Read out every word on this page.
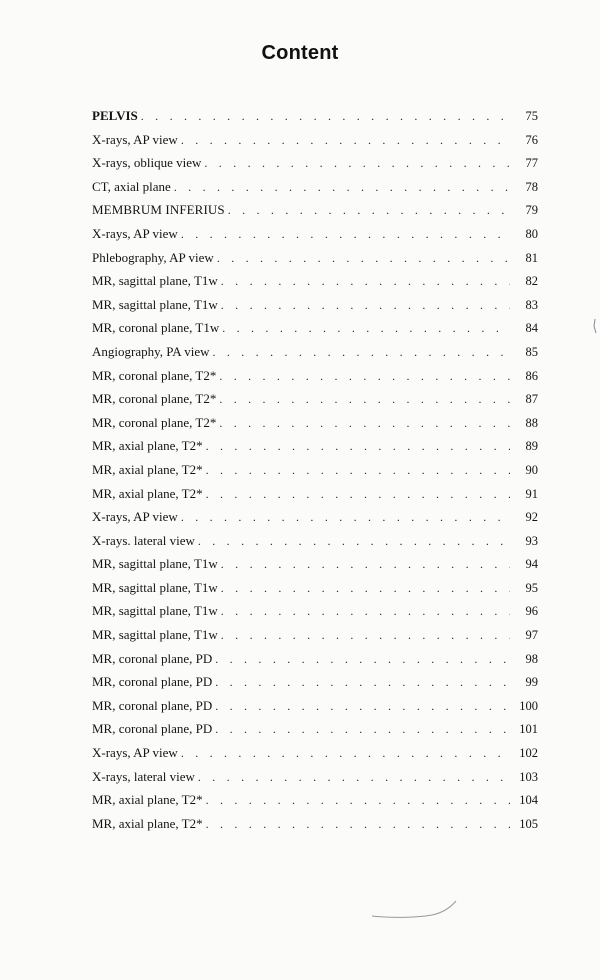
Content
PELVIS . . .	75
X-rays, AP view . . .	76
X-rays, oblique view . . .	77
CT, axial plane . . .	78
MEMBRUM INFERIUS . . .	79
X-rays, AP view . . .	80
Phlebography, AP view . . .	81
MR, sagittal plane, T1w . . .	82
MR, sagittal plane, T1w . . .	83
MR, coronal plane, T1w . . .	84
Angiography, PA view . . .	85
MR, coronal plane, T2* . . .	86
MR, coronal plane, T2* . . .	87
MR, coronal plane, T2* . . .	88
MR, axial plane, T2* . . .	89
MR, axial plane, T2* . . .	90
MR, axial plane, T2* . . .	91
X-rays, AP view . . .	92
X-rays. lateral view . . .	93
MR, sagittal plane, T1w . . .	94
MR, sagittal plane, T1w . . .	95
MR, sagittal plane, T1w . . .	96
MR, sagittal plane, T1w . . .	97
MR, coronal plane, PD . . .	98
MR, coronal plane, PD . . .	99
MR, coronal plane, PD . . .	100
MR, coronal plane, PD . . .	101
X-rays, AP view . . .	102
X-rays, lateral view . . .	103
MR, axial plane, T2* . . .	104
MR, axial plane, T2* . . .	105
